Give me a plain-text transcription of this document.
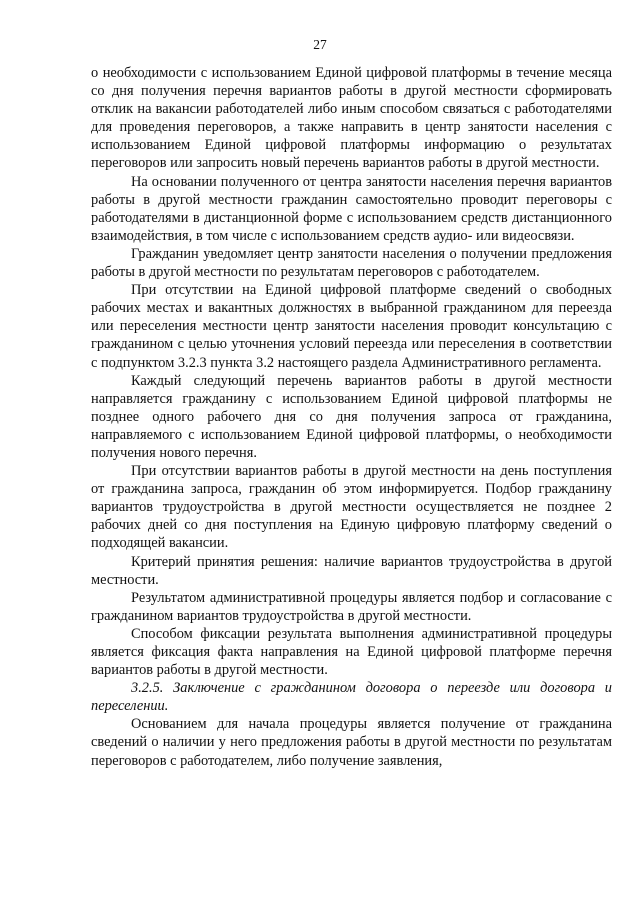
27

о необходимости с использованием Единой цифровой платформы в течение месяца со дня получения перечня вариантов работы в другой местности сформировать отклик на вакансии работодателей либо иным способом связаться с работодателями для проведения переговоров, а также направить в центр занятости населения с использованием Единой цифровой платформы информацию о результатах переговоров или запросить новый перечень вариантов работы в другой местности.

На основании полученного от центра занятости населения перечня вариантов работы в другой местности гражданин самостоятельно проводит переговоры с работодателями в дистанционной форме с использованием средств дистанционного взаимодействия, в том числе с использованием средств аудио- или видеосвязи.

Гражданин уведомляет центр занятости населения о получении предложения работы в другой местности по результатам переговоров с работодателем.

При отсутствии на Единой цифровой платформе сведений о свободных рабочих местах и вакантных должностях в выбранной гражданином для переезда или переселения местности центр занятости населения проводит консультацию с гражданином с целью уточнения условий переезда или переселения в соответствии с подпунктом 3.2.3 пункта 3.2 настоящего раздела Административного регламента.

Каждый следующий перечень вариантов работы в другой местности направляется гражданину с использованием Единой цифровой платформы не позднее одного рабочего дня со дня получения запроса от гражданина, направляемого с использованием Единой цифровой платформы, о необходимости получения нового перечня.

При отсутствии вариантов работы в другой местности на день поступления от гражданина запроса, гражданин об этом информируется. Подбор гражданину вариантов трудоустройства в другой местности осуществляется не позднее 2 рабочих дней со дня поступления на Единую цифровую платформу сведений о подходящей вакансии.

Критерий принятия решения: наличие вариантов трудоустройства в другой местности.

Результатом административной процедуры является подбор и согласование с гражданином вариантов трудоустройства в другой местности.

Способом фиксации результата выполнения административной процедуры является фиксация факта направления на Единой цифровой платформе перечня вариантов работы в другой местности.

3.2.5. Заключение с гражданином договора о переезде или договора и переселении.

Основанием для начала процедуры является получение от гражданина сведений о наличии у него предложения работы в другой местности по результатам переговоров с работодателем, либо получение заявления,
